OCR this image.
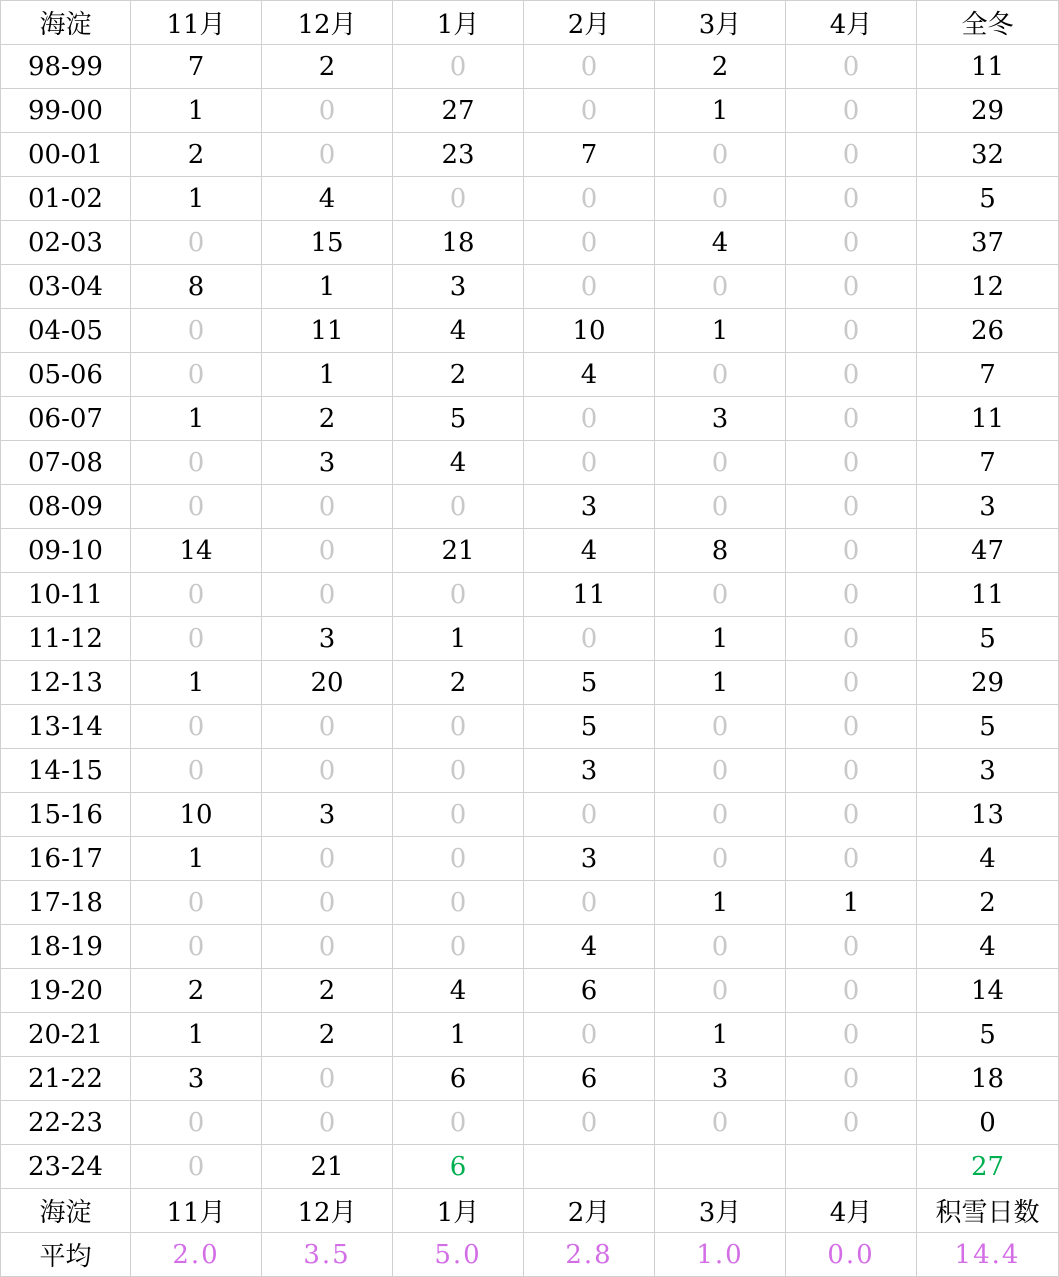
海淀	11月	12月	1月	2月	3月	4月	全冬
98-99	7	2	0	0	2	0	11
99-00	1	0	27	0	1	0	29
00-01	2	0	23	7	0	0	32
01-02	1	4	0	0	0	0	5
02-03	0	15	18	0	4	0	37
03-04	8	1	3	0	0	0	12
04-05	0	11	4	10	1	0	26
05-06	0	1	2	4	0	0	7
06-07	1	2	5	0	3	0	11
07-08	0	3	4	0	0	0	7
08-09	0	0	0	3	0	0	3
09-10	14	0	21	4	8	0	47
10-11	0	0	0	11	0	0	11
11-12	0	3	1	0	1	0	5
12-13	1	20	2	5	1	0	29
13-14	0	0	0	5	0	0	5
14-15	0	0	0	3	0	0	3
15-16	10	3	0	0	0	0	13
16-17	1	0	0	3	0	0	4
17-18	0	0	0	0	1	1	2
18-19	0	0	0	4	0	0	4
19-20	2	2	4	6	0	0	14
20-21	1	2	1	0	1	0	5
21-22	3	0	6	6	3	0	18
22-23	0	0	0	0	0	0	0
23-24	0	21	6				27
海淀	11月	12月	1月	2月	3月	4月	积雪日数
平均	2.0	3.5	5.0	2.8	1.0	0.0	14.4
